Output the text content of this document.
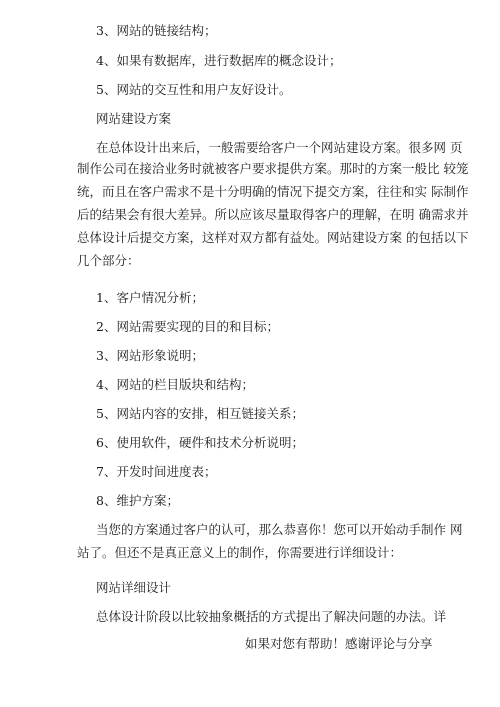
3、网站的链接结构；
4、如果有数据库，进行数据库的概念设计；
5、网站的交互性和用户友好设计。
网站建设方案
在总体设计出来后，一般需要给客户一个网站建设方案。很多网 页
制作公司在接洽业务时就被客户要求提供方案。那时的方案一般比 较笼
统，而且在客户需求不是十分明确的情况下提交方案，往往和实 际制作
后的结果会有很大差异。所以应该尽量取得客户的理解，在明 确需求并
总体设计后提交方案，这样对双方都有益处。网站建设方案 的包括以下
几个部分：
1、客户情况分析；
2、网站需要实现的目的和目标；
3、网站形象说明；
4、网站的栏目版块和结构；
5、网站内容的安排，相互链接关系；
6、使用软件，硬件和技术分析说明；
7、开发时间进度表；
8、维护方案；
当您的方案通过客户的认可，那么恭喜你！您可以开始动手制作 网
站了。但还不是真正意义上的制作，你需要进行详细设计：
网站详细设计
总体设计阶段以比较抽象概括的方式提出了解决问题的办法。详
如果对您有帮助！感谢评论与分享
